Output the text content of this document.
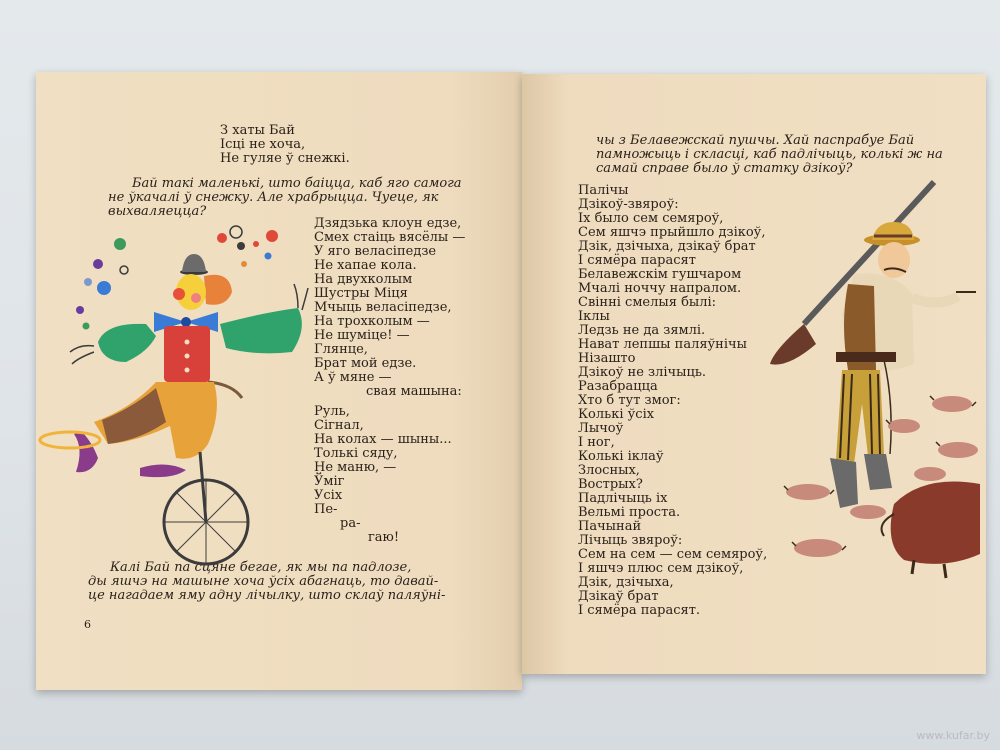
З хаты Бай
Ісці не хоча,
Не гуляе ў снежкі.
Бай такі маленькі, што баіцца, каб яго самога
не ўкачалі ў снежку. Але храбрыцца. Чуеце, як
выхваляецца?
Дзядзька клоун едзе,
Смех стаіць вясёлы —
У яго веласіпедзе
Не хапае кола.
На двухколым
Шустры Міця
Мчыць веласіпедзе,
На трохколым —
Не шуміце! —
Глянце,
Брат мой едзе.
А ў мяне —
свая машына:
Руль,
Сігнал,
На колах — шыны...
Толькі сяду,
Не маню, —
Ўміг
Усіх
Пе-
ра-
гаю!
Калі Бай па сцяне бегае, як мы па падлозе,
ды яшчэ на машыне хоча ўсіх абагнаць, то давай-
це нагадаем яму адну лічылку, што склаў паляўні-
6
чы з Белавежскай пушчы. Хай паспрабуе Бай
памножыць і скласці, каб падлічыць, колькі ж на
самай справе было ў статку дзікоў?
Палічы
Дзікоў-звяроў:
Іх было сем семяроў,
Сем яшчэ прыйшло дзікоў,
Дзік, дзічыха, дзікаў брат
І сямёра парасят
Белавежскім гушчаром
Мчалі ноччу напралом.
Свінні смелыя былі:
Іклы
Ледзь не да зямлі.
Нават лепшы паляўнічы
Нізашто
Дзікоў не злічыць.
Разабрацца
Хто б тут змог:
Колькі ўсіх
Лычоў
І ног,
Колькі іклаў
Злосных,
Вострых?
Падлічыць іх
Вельмі проста.
Пачынай
Лічыць звяроў:
Сем на сем — сем семяроў,
І яшчэ плюс сем дзікоў,
Дзік, дзічыха,
Дзікаў брат
І сямёра парасят.
www.kufar.by
